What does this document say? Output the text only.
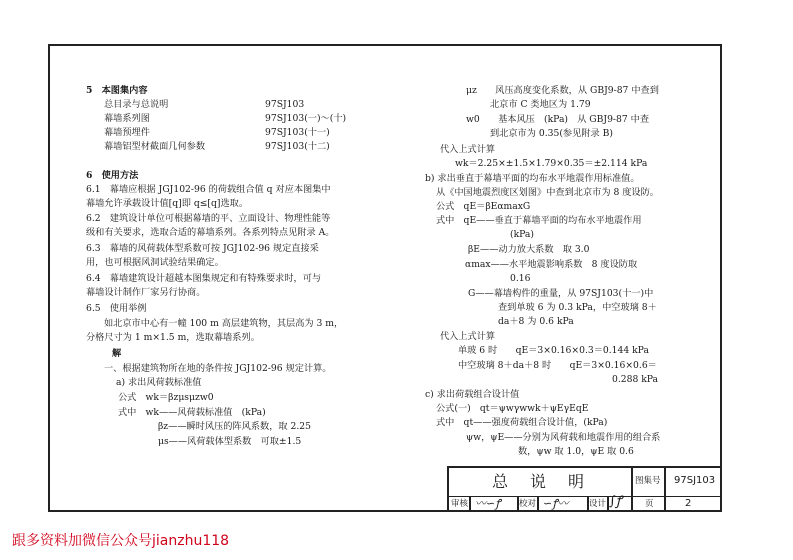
5　本图集内容
总目录与总说明	97SJ103
幕墙系列图	97SJ103(一)～(十)
幕墙预埋件	97SJ103(十一)
幕墙铝型材截面几何参数	97SJ103(十二)
6　使用方法
6.1　幕墙应根据 JGJ102-96 的荷载组合值 q 对应本图集中
幕墙允许承载设计值[q]即 q≤[q]选取。
6.2　建筑设计单位可根据幕墙的平、立面设计、物理性能等
级和有关要求，选取合适的幕墙系列。各系列特点见附录 A。
6.3　幕墙的风荷载体型系数可按 JGJ102-96 规定直接采
用，也可根据风洞试验结果确定。
6.4　幕墙建筑设计超越本图集规定和有特殊要求时，可与
幕墙设计制作厂家另行协商。
6.5　使用举例
如北京市中心有一幢 100 m 高层建筑物，其层高为 3 m，
分格尺寸为 1 m×1.5 m，选取幕墙系列。
解
一、根据建筑物所在地的条件按 JGJ102-96 规定计算。
a) 求出风荷载标准值
公式　wk＝βzμsμzw0
式中　wk——风荷载标准值　(kPa)
βz——瞬时风压的阵风系数，取 2.25
μs——风荷载体型系数　可取±1.5
μz　　风压高度变化系数，从 GBJ9-87 中查到
北京市 C 类地区为 1.79
w0　　基本风压　(kPa)　从 GBJ9-87 中查
到北京市为 0.35(参见附录 B)
代入上式计算
wk＝2.25×±1.5×1.79×0.35＝±2.114 kPa
b) 求出垂直于幕墙平面的均布水平地震作用标准值。
从《中国地震烈度区划图》中查到北京市为 8 度设防。
公式　qE＝βEαmaxG
式中　qE——垂直于幕墙平面的均布水平地震作用
(kPa)
βE——动力放大系数　取 3.0
αmax——水平地震影响系数　8 度设防取
0.16
G——幕墙构件的重量，从 97SJ103(十一)中
查到单玻 6 为 0.3 kPa，中空玻璃 8＋
da＋8 为 0.6 kPa
代入上式计算
单玻 6 时　　qE＝3×0.16×0.3＝0.144 kPa
中空玻璃 8＋da＋8 时　　qE＝3×0.16×0.6＝
0.288 kPa
c) 求出荷载组合设计值
公式(一)　qt＝ψwγwwk＋ψEγEqE
式中　qt——强度荷载组合设计值，(kPa)
ψw，ψE——分别为风荷载和地震作用的组合系
数，ψw 取 1.0，ψE 取 0.6
总说明	图集号 97SJ103
审核 〰∽ꝭ 校对 ∽ꝭ〰 设计 ∫ꝭ	页	2
跟多资料加微信公众号jianzhu118
